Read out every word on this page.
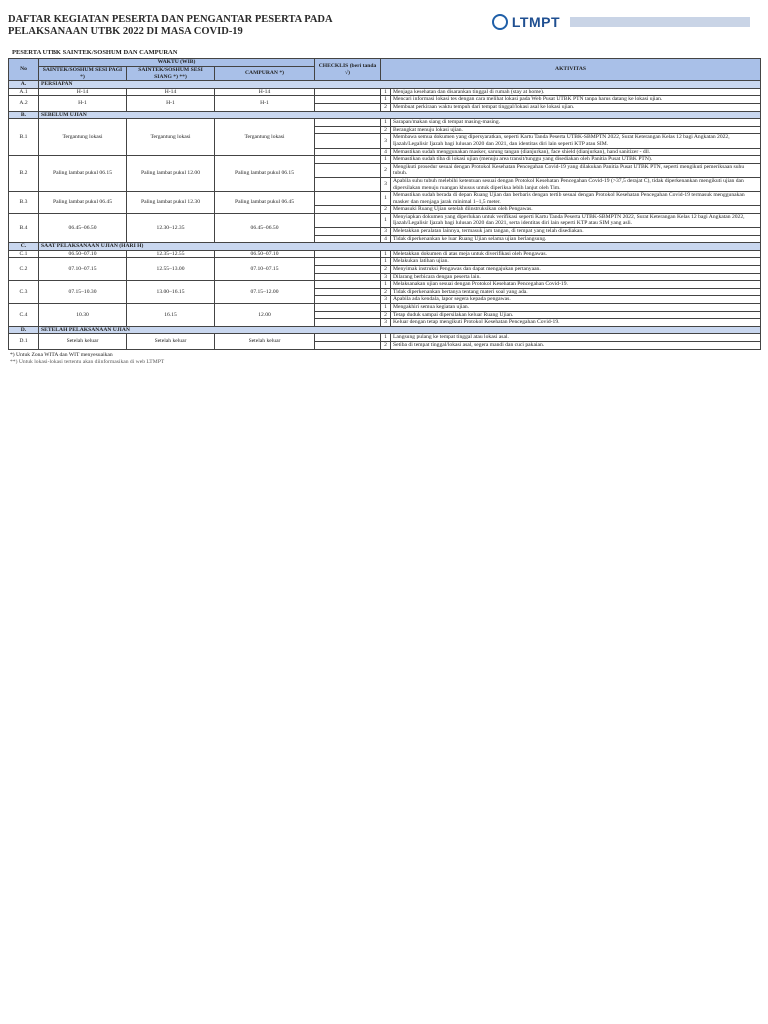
DAFTAR KEGIATAN PESERTA DAN PENGANTAR PESERTA PADA
PELAKSANAAN UTBK 2022 DI MASA COVID-19
LTMPT
PESERTA UTBK SAINTEK/SOSHUM DAN CAMPURAN
No	WAKTU (WIB)			CHECKLIS (beri tanda √)	AKTIVITAS	
	SAINTEK/SOSHUM SESI PAGI *)	SAINTEK/SOSHUM SESI SIANG *) **)	CAMPURAN *)			
A.	PERSIAPAN					
A.1	H-14	H-14	H-14		1	Menjaga kesehatan dan disarankan tinggal di rumah (stay at home).
A.2	H-1	H-1	H-1		1	Mencari informasi lokasi tes dengan cara melihat lokasi pada Web Pusat UTBK PTN tanpa harus datang ke lokasi ujian.
					2	Membuat perkiraan waktu tempuh dari tempat tinggal/lokasi asal ke lokasi ujian.
B.	SEBELUM UJIAN					
B.1	Tergantung lokasi	Tergantung lokasi	Tergantung lokasi		1	Sarapan/makan siang di tempat masing-masing.
					2	Berangkat menuju lokasi ujian.
					3	Membawa semua dokumen yang dipersyaratkan, seperti Kartu Tanda Peserta UTBK-SBMPTN 2022, Surat Keterangan Kelas 12 bagi Angkatan 2022, Ijazah/Legalisir Ijazah bagi lulusan 2020 dan 2021, dan identitas diri lain seperti KTP atau SIM.
					4	Memastikan sudah menggunakan masker, sarung tangan (dianjurkan), face shield (dianjurkan), hand sanitizer - dll.
B.2	Paling lambat pukul 06.15	Paling lambat pukul 12.00	Paling lambat pukul 06.15		1	Memastikan sudah tiba di lokasi ujian (menuju area transit/tunggu yang disediakan oleh Panitia Pusat UTBK PTN).
					2	Mengikuti prosedur sesuai dengan Protokol Kesehatan Pencegahan Covid-19 yang dilakukan Panitia Pusat UTBK PTN, seperti mengikuti pemeriksaan suhu tubuh.
					3	Apabila suhu tubuh melebihi ketentuan sesuai dengan Protokol Kesehatan Pencegahan Covid-19 (>37,5 derajat C), tidak diperkenankan mengikuti ujian dan dipersilakan menuju ruangan khusus untuk diperiksa lebih lanjut oleh Tim.
B.3	Paling lambat pukul 06.45	Paling lambat pukul 12.30	Paling lambat pukul 06.45		1	Memastikan sudah berada di depan Ruang Ujian dan berbaris dengan tertib sesuai dengan Protokol Kesehatan Pencegahan Covid-19 termasuk menggunakan masker dan menjaga jarak minimal 1–1,5 meter.
					2	Memasuki Ruang Ujian setelah diinstruksikan oleh Pengawas.
B.4	06.45–06.50	12.30–12.35	06.45–06.50		1	Menyiapkan dokumen yang diperlukan untuk verifikasi seperti Kartu Tanda Peserta UTBK-SBMPTN 2022, Surat Keterangan Kelas 12 bagi Angkatan 2022, Ijazah/Legalisir Ijazah bagi lulusan 2020 dan 2021, serta identitas diri lain seperti KTP atau SIM yang asli.
					3	Meletakkan peralatan lainnya, termasuk jam tangan, di tempat yang telah disediakan.
					4	Tidak diperkenankan ke luar Ruang Ujian selama ujian berlangsung.
C.	SAAT PELAKSANAAN UJIAN (HARI H)					
C.1	06.50–07.10	12.35–12.55	06.50–07.10		1	Meletakkan dokumen di atas meja untuk diverifikasi oleh Pengawas.
C.2	07.10–07.15	12.55–13.00	07.10–07.15		1	Melakukan latihan ujian.
					2	Menyimak instruksi Pengawas dan dapat mengajukan pertanyaan.
					3	Dilarang berbicara dengan peserta lain.
C.3	07.15–10.30	13.00–16.15	07.15–12.00		1	Melaksanakan ujian sesuai dengan Protokol Kesehatan Pencegahan Covid-19.
					2	Tidak diperkenankan bertanya tentang materi soal yang ada.
					3	Apabila ada kendala, lapor segera kepada pengawas.
C.4	10.30	16.15	12.00		1	Mengakhiri semua kegiatan ujian.
					2	Tetap duduk sampai dipersilakan keluar Ruang Ujian.
					3	Keluar dengan tetap mengikuti Protokol Kesehatan Pencegahan Covid-19.
D.	SETELAH PELAKSANAAN UJIAN					
D.1	Setelah keluar	Setelah keluar	Setelah keluar		1	Langsung pulang ke tempat tinggal atau lokasi asal.
					2	Setiba di tempat tinggal/lokasi asal, segera mandi dan cuci pakaian.
*) Untuk Zona WITA dan WIT menyesuaikan
**) Untuk lokasi-lokasi tertentu akan diinformasikan di web LTMPT
